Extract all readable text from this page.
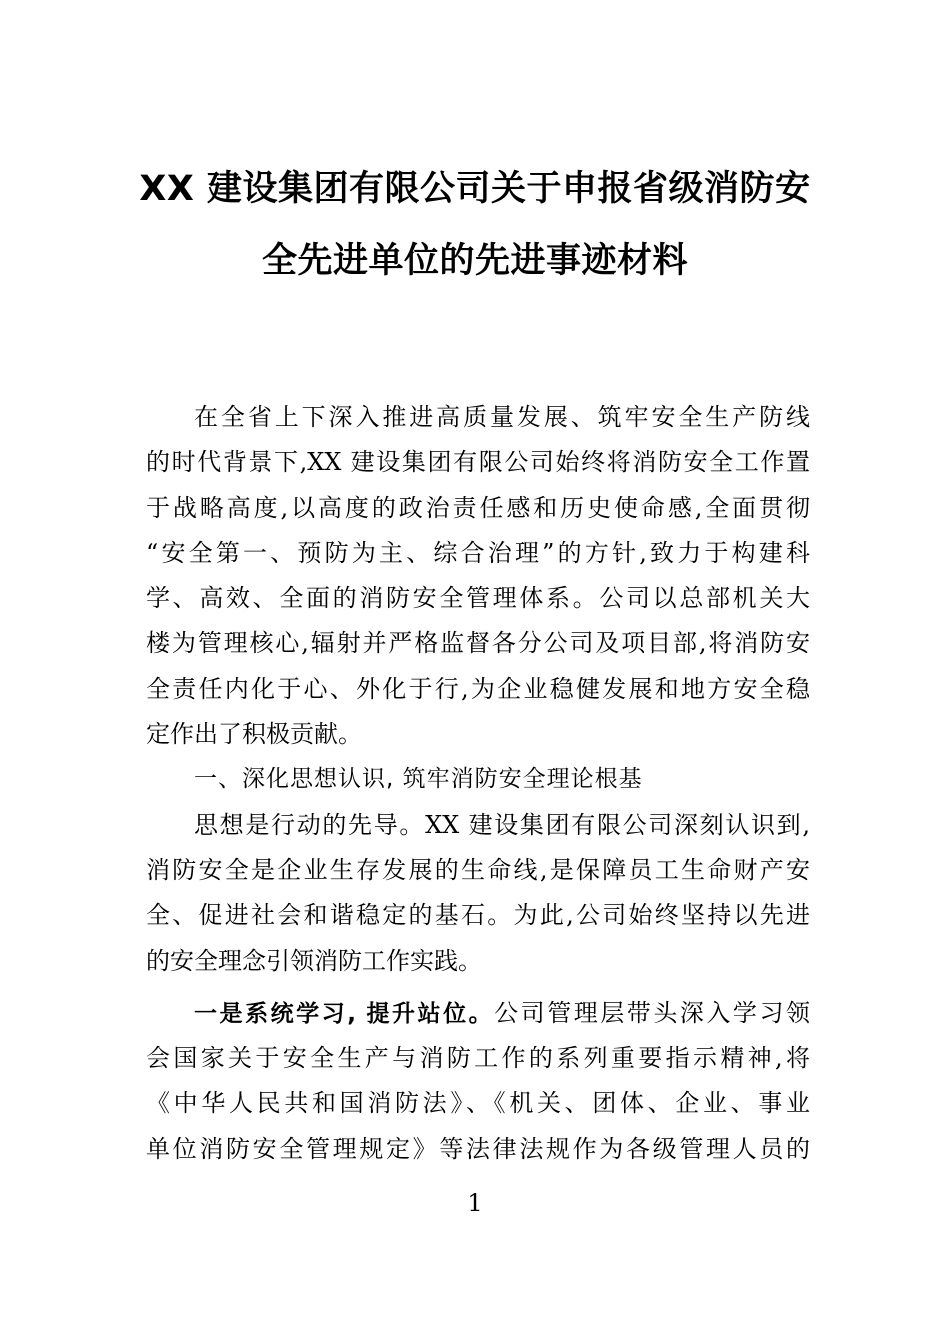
XX 建设集团有限公司关于申报省级消防安
全先进单位的先进事迹材料
在全省上下深入推进高质量发展、筑牢安全生产防线
的时代背景下,XX 建设集团有限公司始终将消防安全工作置
于战略高度,以高度的政治责任感和历史使命感,全面贯彻
“安全第一、预防为主、综合治理”的方针,致力于构建科
学、高效、全面的消防安全管理体系。公司以总部机关大
楼为管理核心,辐射并严格监督各分公司及项目部,将消防安
全责任内化于心、外化于行,为企业稳健发展和地方安全稳
定作出了积极贡献。
一、深化思想认识, 筑牢消防安全理论根基
思想是行动的先导。XX 建设集团有限公司深刻认识到,
消防安全是企业生存发展的生命线,是保障员工生命财产安
全、促进社会和谐稳定的基石。为此,公司始终坚持以先进
的安全理念引领消防工作实践。
一是系统学习, 提升站位。公司管理层带头深入学习领
会国家关于安全生产与消防工作的系列重要指示精神,将
《中华人民共和国消防法》、《机关、团体、企业、事业
单位消防安全管理规定》等法律法规作为各级管理人员的
1
